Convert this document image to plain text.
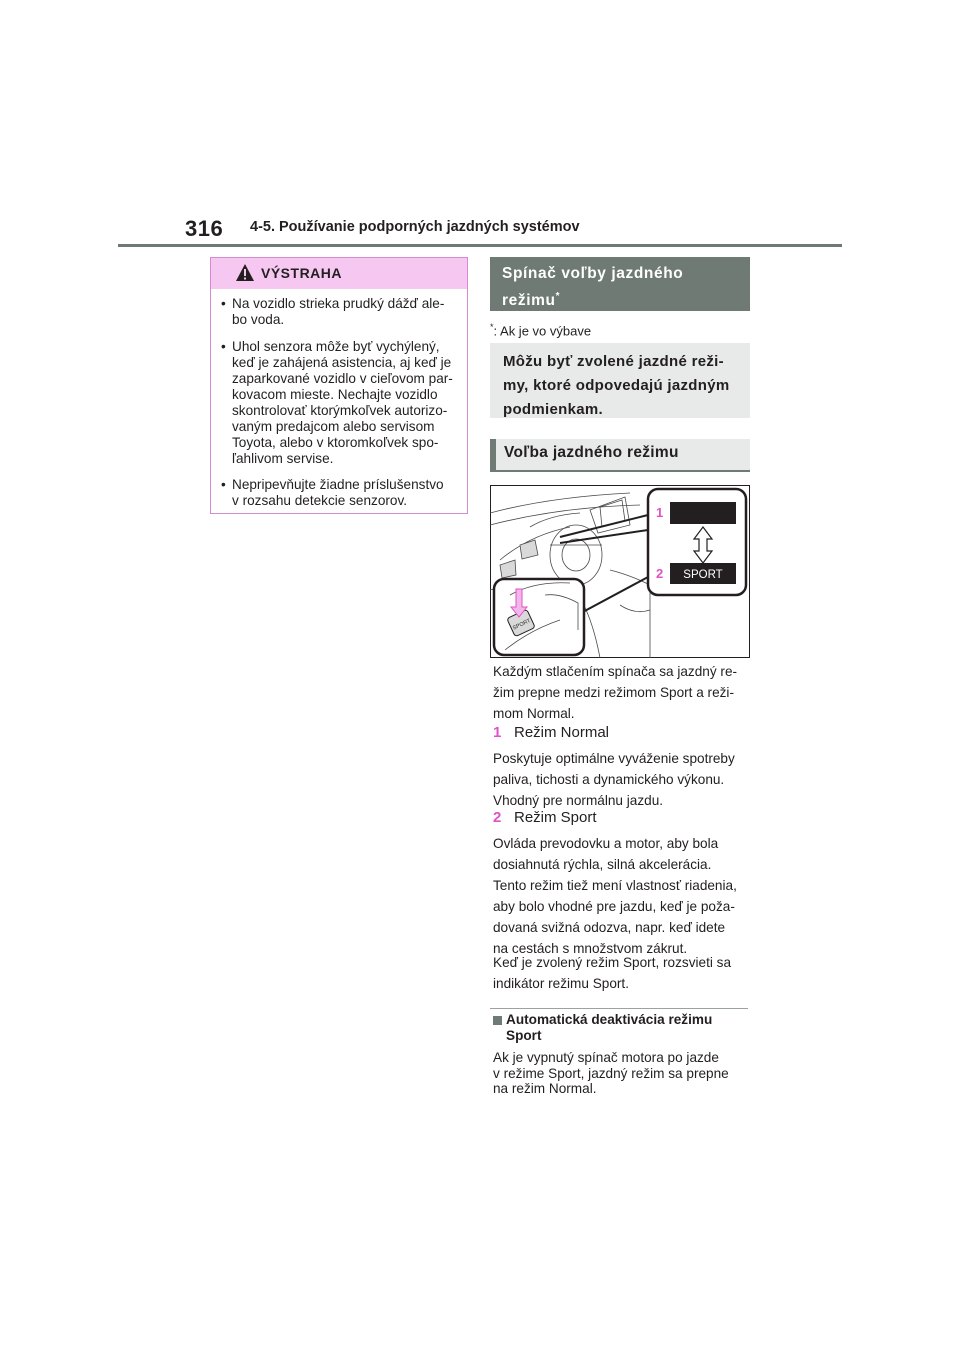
316 4-5. Používanie podporných jazdných systémov
VÝSTRAHA
• Na vozidlo strieka prudký dážď ale-
bo voda.
• Uhol senzora môže byť vychýlený,
keď je zahájená asistencia, aj keď je
zaparkované vozidlo v cieľovom par-
kovacom mieste. Nechajte vozidlo
skontrolovať ktorýmkoľvek autorizo-
vaným predajcom alebo servisom
Toyota, alebo v ktoromkoľvek spo-
ľahlivom servise.
• Nepripevňujte žiadne príslušenstvo
v rozsahu detekcie senzorov.
Spínač voľby jazdného
režimu*
*: Ak je vo výbave
Môžu byť zvolené jazdné reži-
my, ktoré odpovedajú jazdným
podmienkam.
Voľba jazdného režimu
1
SPORT
2
SPORT
Každým stlačením spínača sa jazdný re-
žim prepne medzi režimom Sport a reži-
mom Normal.
1 Režim Normal
Poskytuje optimálne vyváženie spotreby
paliva, tichosti a dynamického výkonu.
Vhodný pre normálnu jazdu.
2 Režim Sport
Ovláda prevodovku a motor, aby bola
dosiahnutá rýchla, silná akcelerácia.
Tento režim tiež mení vlastnosť riadenia,
aby bolo vhodné pre jazdu, keď je poža-
dovaná svižná odozva, napr. keď idete
na cestách s množstvom zákrut.
Keď je zvolený režim Sport, rozsvieti sa
indikátor režimu Sport.
Automatická deaktivácia režimu
Sport
Ak je vypnutý spínač motora po jazde
v režime Sport, jazdný režim sa prepne
na režim Normal.
